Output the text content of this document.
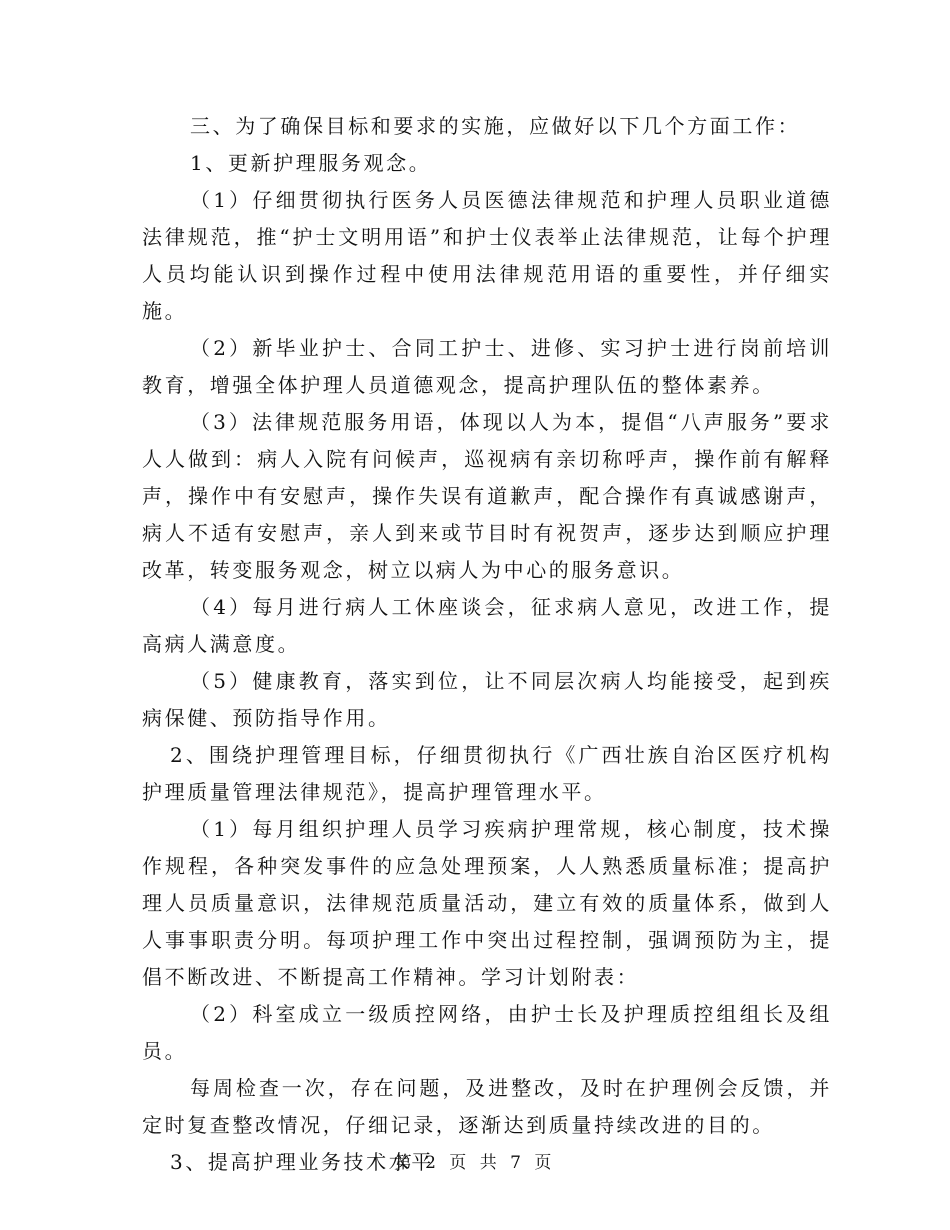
三、为了确保目标和要求的实施，应做好以下几个方面工作：

1、更新护理服务观念。

（1）仔细贯彻执行医务人员医德法律规范和护理人员职业道德法律规范，推“护士文明用语”和护士仪表举止法律规范，让每个护理人员均能认识到操作过程中使用法律规范用语的重要性，并仔细实施。

（2）新毕业护士、合同工护士、进修、实习护士进行岗前培训教育，增强全体护理人员道德观念，提高护理队伍的整体素养。

（3）法律规范服务用语，体现以人为本，提倡“八声服务”要求人人做到：病人入院有问候声，巡视病有亲切称呼声，操作前有解释声，操作中有安慰声，操作失误有道歉声，配合操作有真诚感谢声，病人不适有安慰声，亲人到来或节目时有祝贺声，逐步达到顺应护理改革，转变服务观念，树立以病人为中心的服务意识。

（4）每月进行病人工休座谈会，征求病人意见，改进工作，提高病人满意度。

（5）健康教育，落实到位，让不同层次病人均能接受，起到疾病保健、预防指导作用。

2、围绕护理管理目标，仔细贯彻执行《广西壮族自治区医疗机构护理质量管理法律规范》，提高护理管理水平。

（1）每月组织护理人员学习疾病护理常规，核心制度，技术操作规程，各种突发事件的应急处理预案，人人熟悉质量标准；提高护理人员质量意识，法律规范质量活动，建立有效的质量体系，做到人人事事职责分明。每项护理工作中突出过程控制，强调预防为主，提倡不断改进、不断提高工作精神。学习计划附表：

（2）科室成立一级质控网络，由护士长及护理质控组组长及组员。

每周检查一次，存在问题，及进整改，及时在护理例会反馈，并定时复查整改情况，仔细记录，逐渐达到质量持续改进的目的。

3、提高护理业务技术水平

第 2 页 共 7 页
